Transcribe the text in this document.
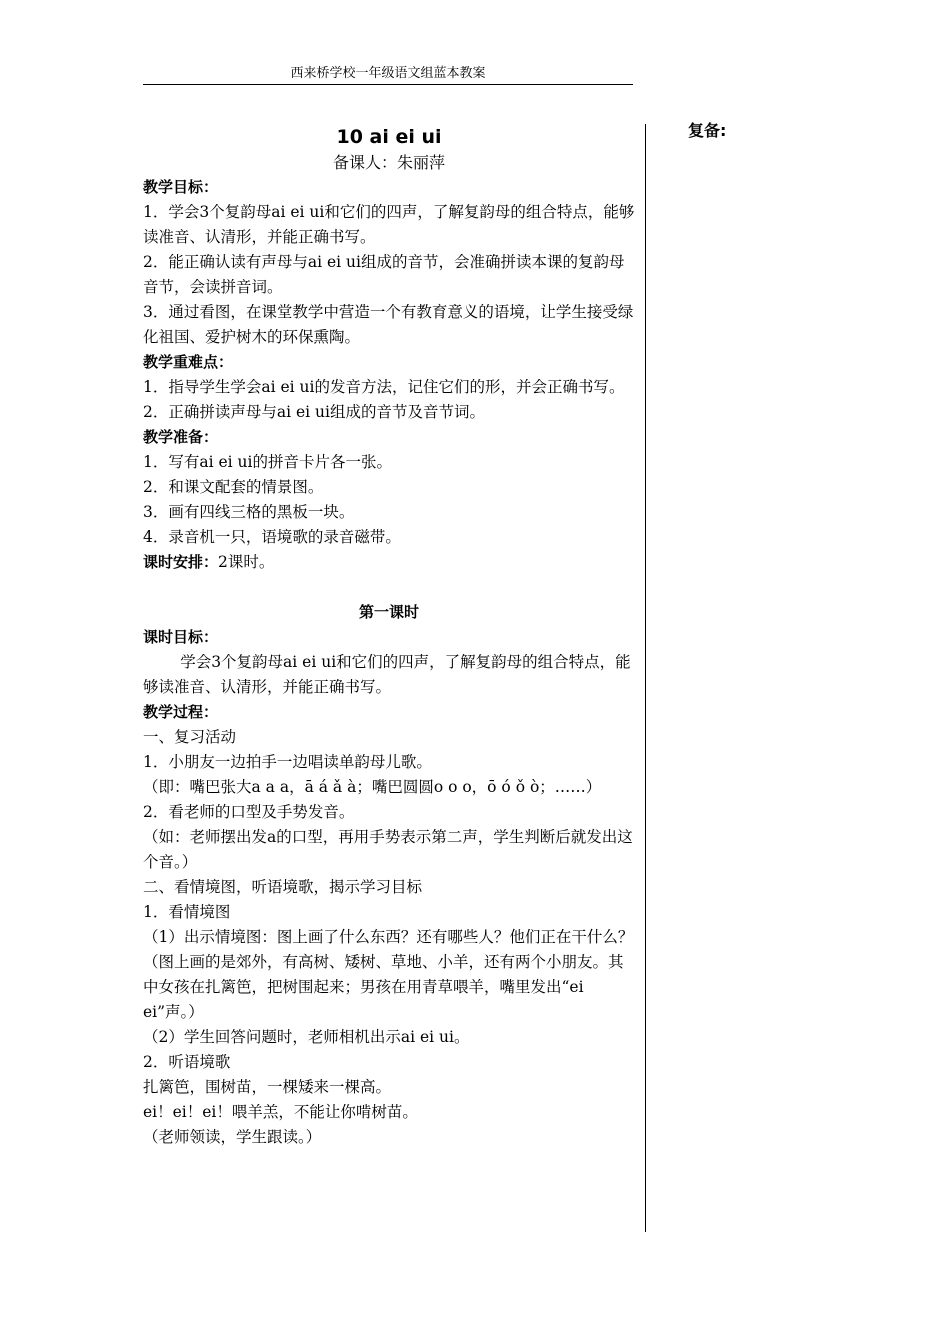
西来桥学校一年级语文组蓝本教案
复备:
10 ai ei ui
备课人：朱丽萍
教学目标：
1．学会3个复韵母ai ei ui和它们的四声，了解复韵母的组合特点，能够读准音、认清形，并能正确书写。
2．能正确认读有声母与ai ei ui组成的音节，会准确拼读本课的复韵母音节，会读拼音词。
3．通过看图，在课堂教学中营造一个有教育意义的语境，让学生接受绿化祖国、爱护树木的环保熏陶。
教学重难点：
1．指导学生学会ai ei ui的发音方法，记住它们的形，并会正确书写。
2．正确拼读声母与ai ei ui组成的音节及音节词。
教学准备：
1．写有ai ei ui的拼音卡片各一张。
2．和课文配套的情景图。
3．画有四线三格的黑板一块。
4．录音机一只，语境歌的录音磁带。
课时安排：2课时。
第一课时
课时目标：
学会3个复韵母ai ei ui和它们的四声，了解复韵母的组合特点，能够读准音、认清形，并能正确书写。
教学过程：
一、复习活动
1．小朋友一边拍手一边唱读单韵母儿歌。
（即：嘴巴张大a a a，ā á ǎ à；嘴巴圆圆o o o，ō ó ǒ ò；……）
2．看老师的口型及手势发音。
（如：老师摆出发a的口型，再用手势表示第二声，学生判断后就发出这个音。）
二、看情境图，听语境歌，揭示学习目标
1．看情境图
（1）出示情境图：图上画了什么东西？还有哪些人？他们正在干什么？
（图上画的是郊外，有高树、矮树、草地、小羊，还有两个小朋友。其中女孩在扎篱笆，把树围起来；男孩在用青草喂羊，嘴里发出“ei ei”声。）
（2）学生回答问题时，老师相机出示ai ei ui。
2．听语境歌
扎篱笆，围树苗，一棵矮来一棵高。
ei！ei！ei！喂羊羔，不能让你啃树苗。
（老师领读，学生跟读。）
